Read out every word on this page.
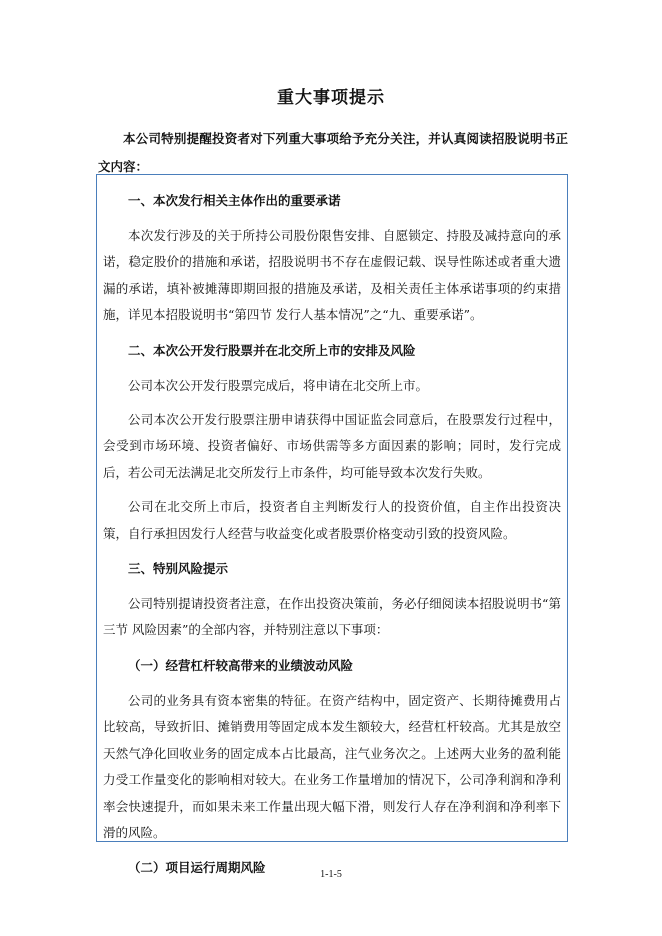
重大事项提示
本公司特别提醒投资者对下列重大事项给予充分关注，并认真阅读招股说明书正文内容：
一、本次发行相关主体作出的重要承诺
本次发行涉及的关于所持公司股份限售安排、自愿锁定、持股及减持意向的承诺，稳定股价的措施和承诺，招股说明书不存在虚假记载、误导性陈述或者重大遗漏的承诺，填补被摊薄即期回报的措施及承诺，及相关责任主体承诺事项的约束措施，详见本招股说明书“第四节 发行人基本情况”之“九、重要承诺”。
二、本次公开发行股票并在北交所上市的安排及风险
公司本次公开发行股票完成后，将申请在北交所上市。
公司本次公开发行股票注册申请获得中国证监会同意后，在股票发行过程中，会受到市场环境、投资者偏好、市场供需等多方面因素的影响；同时，发行完成后，若公司无法满足北交所发行上市条件，均可能导致本次发行失败。
公司在北交所上市后，投资者自主判断发行人的投资价值，自主作出投资决策，自行承担因发行人经营与收益变化或者股票价格变动引致的投资风险。
三、特别风险提示
公司特别提请投资者注意，在作出投资决策前，务必仔细阅读本招股说明书“第三节 风险因素”的全部内容，并特别注意以下事项：
（一）经营杠杆较高带来的业绩波动风险
公司的业务具有资本密集的特征。在资产结构中，固定资产、长期待摊费用占比较高，导致折旧、摊销费用等固定成本发生额较大，经营杠杆较高。尤其是放空天然气净化回收业务的固定成本占比最高，注气业务次之。上述两大业务的盈利能力受工作量变化的影响相对较大。在业务工作量增加的情况下，公司净利润和净利率会快速提升，而如果未来工作量出现大幅下滑，则发行人存在净利润和净利率下滑的风险。
（二）项目运行周期风险	1-1-5
